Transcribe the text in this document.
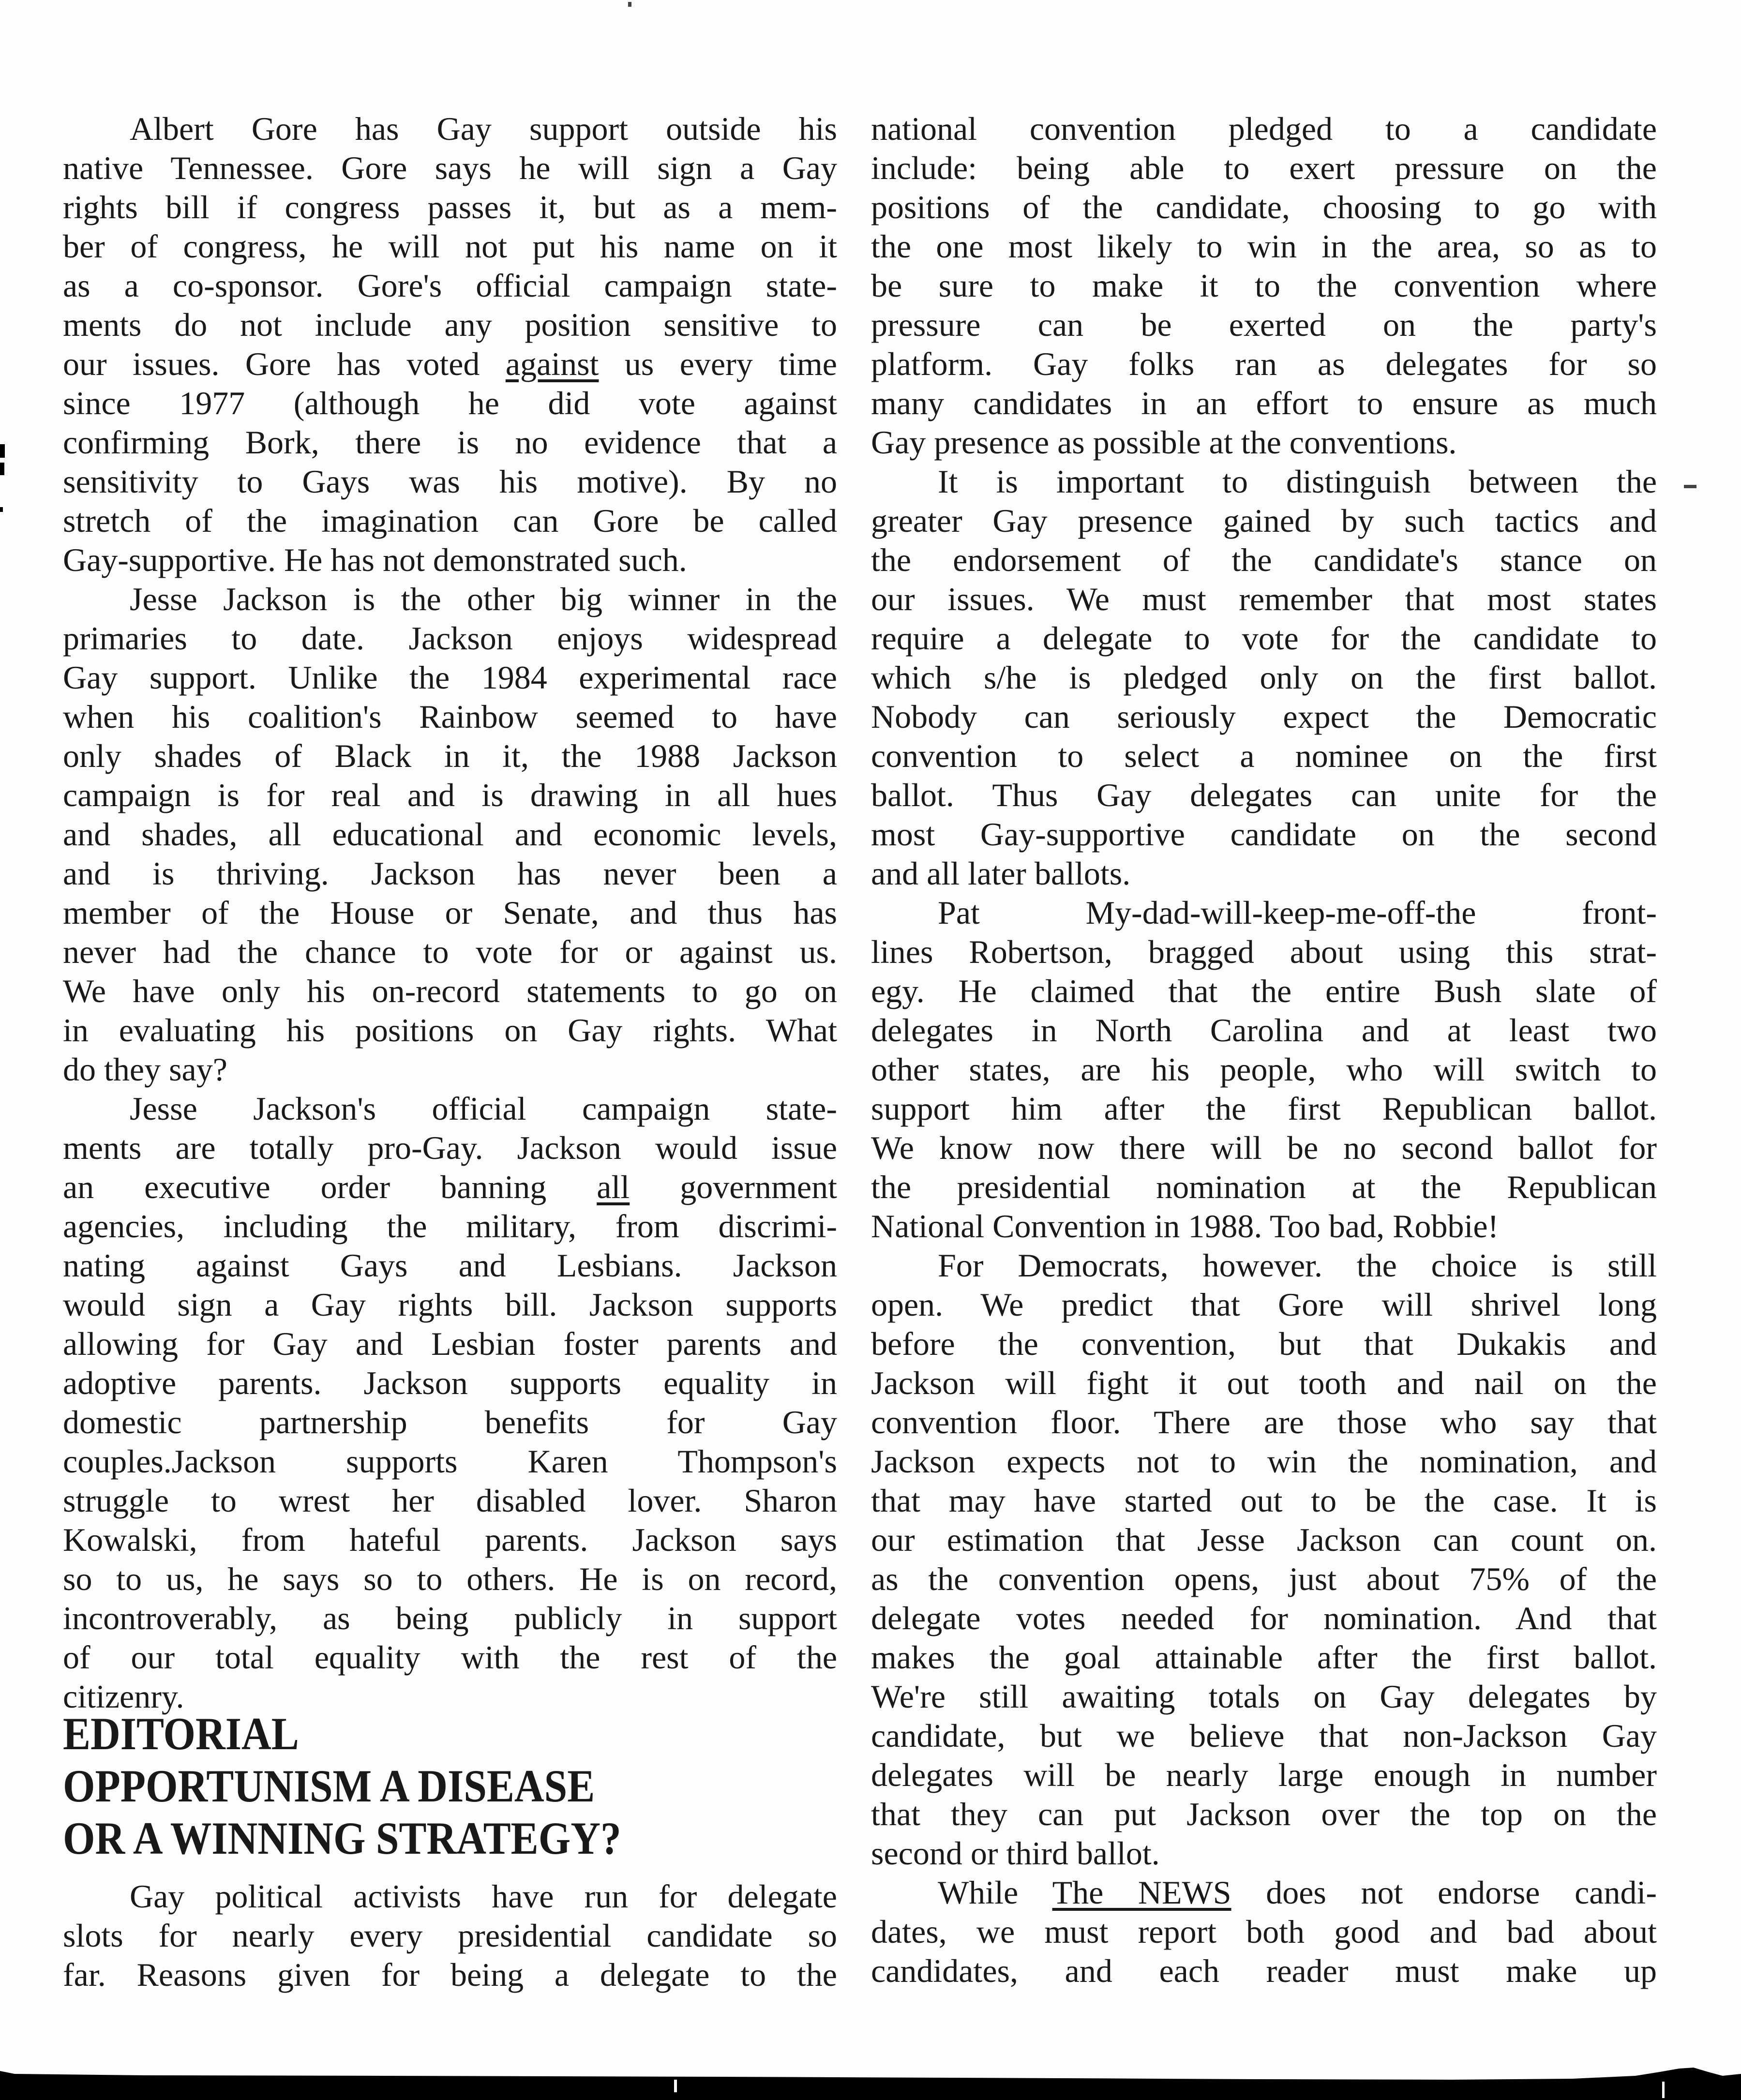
Albert Gore has Gay support outside his
native Tennessee. Gore says he will sign a Gay
rights bill if congress passes it, but as a mem-
ber of congress, he will not put his name on it
as a co-sponsor. Gore's official campaign state-
ments do not include any position sensitive to
our issues. Gore has voted against us every time
since 1977 (although he did vote against
confirming Bork, there is no evidence that a
sensitivity to Gays was his motive). By no
stretch of the imagination can Gore be called
Gay-supportive. He has not demonstrated such.
Jesse Jackson is the other big winner in the
primaries to date. Jackson enjoys widespread
Gay support. Unlike the 1984 experimental race
when his coalition's Rainbow seemed to have
only shades of Black in it, the 1988 Jackson
campaign is for real and is drawing in all hues
and shades, all educational and economic levels,
and is thriving. Jackson has never been a
member of the House or Senate, and thus has
never had the chance to vote for or against us.
We have only his on-record statements to go on
in evaluating his positions on Gay rights. What
do they say?
Jesse Jackson's official campaign state-
ments are totally pro-Gay. Jackson would issue
an executive order banning all government
agencies, including the military, from discrimi-
nating against Gays and Lesbians. Jackson
would sign a Gay rights bill. Jackson supports
allowing for Gay and Lesbian foster parents and
adoptive parents. Jackson supports equality in
domestic partnership benefits for Gay
couples.Jackson supports Karen Thompson's
struggle to wrest her disabled lover. Sharon
Kowalski, from hateful parents. Jackson says
so to us, he says so to others. He is on record,
incontroverably, as being publicly in support
of our total equality with the rest of the
citizenry.
EDITORIAL
OPPORTUNISM A DISEASE
OR A WINNING STRATEGY?
Gay political activists have run for delegate
slots for nearly every presidential candidate so
far. Reasons given for being a delegate to the
national convention pledged to a candidate
include: being able to exert pressure on the
positions of the candidate, choosing to go with
the one most likely to win in the area, so as to
be sure to make it to the convention where
pressure can be exerted on the party's
platform. Gay folks ran as delegates for so
many candidates in an effort to ensure as much
Gay presence as possible at the conventions.
It is important to distinguish between the
greater Gay presence gained by such tactics and
the endorsement of the candidate's stance on
our issues. We must remember that most states
require a delegate to vote for the candidate to
which s/he is pledged only on the first ballot.
Nobody can seriously expect the Democratic
convention to select a nominee on the first
ballot. Thus Gay delegates can unite for the
most Gay-supportive candidate on the second
and all later ballots.
Pat My-dad-will-keep-me-off-the front-
lines Robertson, bragged about using this strat-
egy. He claimed that the entire Bush slate of
delegates in North Carolina and at least two
other states, are his people, who will switch to
support him after the first Republican ballot.
We know now there will be no second ballot for
the presidential nomination at the Republican
National Convention in 1988. Too bad, Robbie!
For Democrats, however. the choice is still
open. We predict that Gore will shrivel long
before the convention, but that Dukakis and
Jackson will fight it out tooth and nail on the
convention floor. There are those who say that
Jackson expects not to win the nomination, and
that may have started out to be the case. It is
our estimation that Jesse Jackson can count on.
as the convention opens, just about 75% of the
delegate votes needed for nomination. And that
makes the goal attainable after the first ballot.
We're still awaiting totals on Gay delegates by
candidate, but we believe that non-Jackson Gay
delegates will be nearly large enough in number
that they can put Jackson over the top on the
second or third ballot.
While The NEWS does not endorse candi-
dates, we must report both good and bad about
candidates, and each reader must make up
